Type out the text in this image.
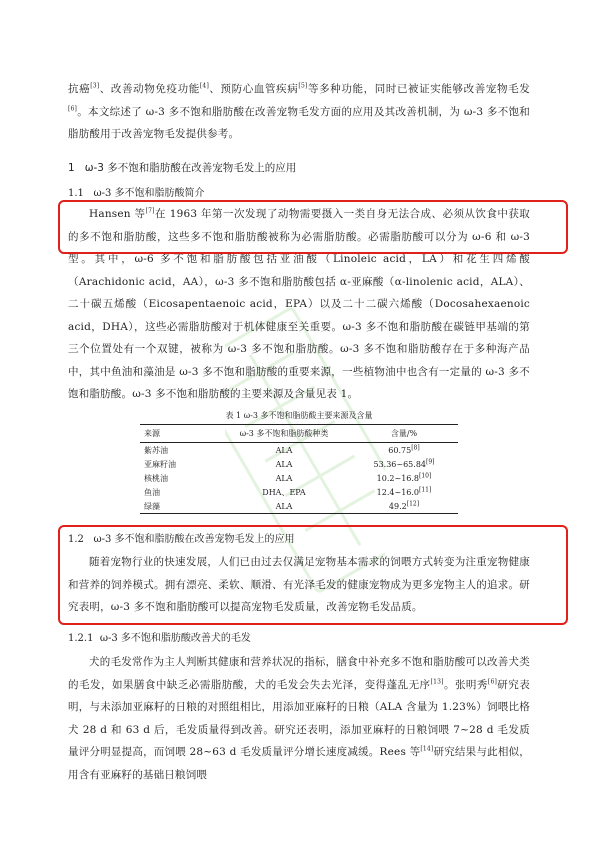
抗癌[3]、改善动物免疫功能[4]、预防心血管疾病[5]等多种功能，同时已被证实能够改善宠物毛发[6]。本文综述了 ω-3 多不饱和脂肪酸在改善宠物毛发方面的应用及其改善机制，为 ω-3 多不饱和脂肪酸用于改善宠物毛发提供参考。
1 ω-3 多不饱和脂肪酸在改善宠物毛发上的应用
1.1 ω-3 多不饱和脂肪酸简介
Hansen 等[7]在 1963 年第一次发现了动物需要摄入一类自身无法合成、必须从饮食中获取的多不饱和脂肪酸，这些多不饱和脂肪酸被称为必需脂肪酸。必需脂肪酸可以分为 ω-6 和 ω-3 型。其中，ω-6 多不饱和脂肪酸包括亚油酸（Linoleic acid，LA）和花生四烯酸（Arachidonic acid，AA），ω-3 多不饱和脂肪酸包括 α-亚麻酸（α-linolenic acid，ALA）、二十碳五烯酸（Eicosapentaenoic acid，EPA）以及二十二碳六烯酸（Docosahexaenoic acid，DHA），这些必需脂肪酸对于机体健康至关重要。ω-3 多不饱和脂肪酸在碳链甲基端的第三个位置处有一个双键，被称为 ω-3 多不饱和脂肪酸。ω-3 多不饱和脂肪酸存在于多种海产品中，其中鱼油和藻油是 ω-3 多不饱和脂肪酸的重要来源，一些植物油中也含有一定量的 ω-3 多不饱和脂肪酸。ω-3 多不饱和脂肪酸的主要来源及含量见表 1。
表 1 ω-3 多不饱和脂肪酸主要来源及含量
来源	ω-3 多不饱和脂肪酸种类	含量/%
紫苏油	ALA	60.75[8]
亚麻籽油	ALA	53.36~65.84[9]
核桃油	ALA	10.2~16.8[10]
鱼油	DHA、EPA	12.4~16.0[11]
绿藻	ALA	49.2[12]
1.2 ω-3 多不饱和脂肪酸在改善宠物毛发上的应用
随着宠物行业的快速发展，人们已由过去仅满足宠物基本需求的饲喂方式转变为注重宠物健康和营养的饲养模式。拥有漂亮、柔软、顺滑、有光泽毛发的健康宠物成为更多宠物主人的追求。研究表明，ω-3 多不饱和脂肪酸可以提高宠物毛发质量，改善宠物毛发品质。
1.2.1 ω-3 多不饱和脂肪酸改善犬的毛发
犬的毛发常作为主人判断其健康和营养状况的指标，膳食中补充多不饱和脂肪酸可以改善犬类的毛发，如果膳食中缺乏必需脂肪酸，犬的毛发会失去光泽，变得蓬乱无序[13]。张明秀[6]研究表明，与未添加亚麻籽的日粮的对照组相比，用添加亚麻籽的日粮（ALA 含量为 1.23%）饲喂比格犬 28 d 和 63 d 后，毛发质量得到改善。研究还表明，添加亚麻籽的日粮饲喂 7~28 d 毛发质量评分明显提高，而饲喂 28~63 d 毛发质量评分增长速度减缓。Rees 等[14]研究结果与此相似，用含有亚麻籽的基础日粮饲喂
